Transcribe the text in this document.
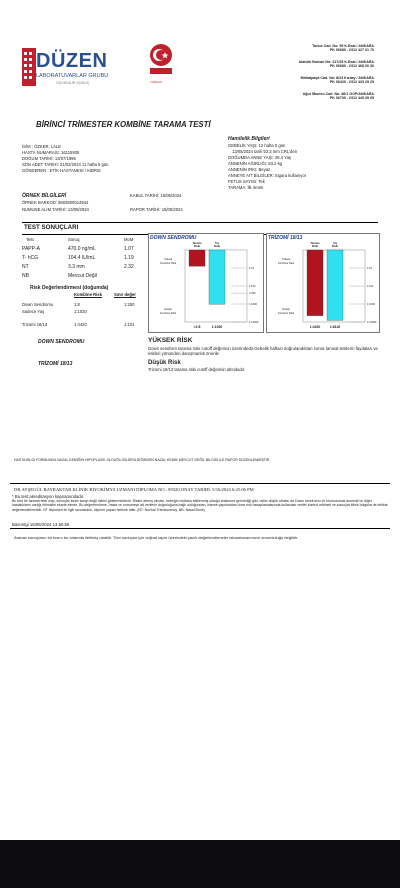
DÜZEN
LABORATUVARLAR GRUBU
GÜVENİLİR SONUÇ	TÜRKAK
Tunus Cad. No: 95 K.Esat / ANKARA
PK 06680 - 0312 427 01 70
Atatürk Bulvarı No: 227/29 K.Esat / ANKARA
PK 06680 - 0312 468 00 30
Mithatpaşa Cad. No: 8/23 Kızılay / ANKARA
PK 06420 - 0312 433 29 25
Uğur Mumcu Cad. No: 86/1 GOP/ANKARA
PK 06700 - 0312 445 39 05
BİRİNCİ TRİMESTER KOMBİNE TARAMA TESTİ
İSİM : ÖZKER, LALE
HASTA NUMARASI: 16115935
DOĞUM TARİHİ: 13/07/1995
SON ADET TARİHİ: 21/02/2024 11 hafta 5 gün
GÖNDEREN : ETİK HASTANESİ / KIBRIS
Hamilelik Bilgileri
GEBELİK YAŞI: 12 hafta 0 gün
13/05/2024 tarih 53.3 mm CRL'den
DOĞUMDA ANNE YAŞI: 29.4 Yaş
ANNENİN AĞIRLIĞI: 83.2 kg
ANNENİN IRKI: Beyaz
ANNEYE AİT BİLGİLER: Sigara kullanıyor
FETUS SAYISI: Tek
TARAMA: İlk örnek
ÖRNEK BİLGİLERİ
ÖRNEK BARKOD: 6803600014944
NUMUNE ALIM TARİHİ: 13/05/2024
KABUL TARİHİ: 15/05/2024
RAPOR TARİHİ: 15/05/2024
TEST SONUÇLARI
Test	Sonuç	MoM
PAPP-A	470.0 ng/mL	1.07
T- hCG	104.4 IU/mL	1.19
NT	3.3 mm	2.32
NB	Mevcut Değil
Risk Değerlendirmesi (doğumda)
Kombine Risk	Sınır değer
Down Sendromu	1:8	1:250
Sadece Yaş	1:1030
Trizomi 18/13	1:4420	1:101
Yüksek
Kombine Risk
Düşük
Kombine Risk
1:10
1:100
1:250
1:1000
1:10000
Tarama
Riski
>1:8
Yaş
Riski
1:1030
DOWN SENDROMU
Yüksek
Kombine Risk
Düşük
Kombine Risk
1:10
1:101
1:1000
1:10000
Tarama
Riski
1:4420
Yaş
Riski
1:8116
TRİZOMİ 18/13
DOWN SENDROMU	YÜKSEK RİSK
Down sendrom tarama riski cutoff değerinin üzerindedir.Gebelik haftası doğrulandıktan sonra tanısal testlerin faydaları ve riskleri yönünden danışmanlık önerilir.
TRİZOMİ 18/13	Düşük Risk
Trizomi 18/13 tarama riski cutoff değerinin altındadır.
HASTA BİLGİ FORMUNDA NAZAL KEMİĞİN HİPOPLAZİK OLDUĞU BİLDİRİLDİĞİNDEN NAZAL KEMİK MEVCUT DEĞİL BİLGİSİ İLE RAPOR DÜZENLENMİŞTİR.
DR.AYŞEGÜL BAYRAKTAR KLİNİK BİYOKİMYA UZMANI DİPLOMA NO : 89320 ONAY TARİHİ: 5/16/2024 6:25:06 PM
* Bu test akreditasyon kapsamındadır.
Bu test bir tarama testi olup, sonuçlar kesin tanıyı değil riskini göstermektedir. Riskin artmış olması, bebeğin mutlaka etkilenmiş olduğu anlamına gelmediği gibi, riskin düşük olması da Down sendromu ve kromozomal anomali ve diğer hastalıkların varlığı ihtimalini ekarte etmez. Bu değerlendirme, hasta ve numuneye ait verilerin doğruluğuna bağlı olduğundan, isteme yapılmadan önce risk hesaplamalarında kullanılan veriler kontrol edilmeli ve sonuçlar klinik bulgular ile birlikte değerlendirilmelidir. NT ölçümleri ile ilgili sorumluluk, ölçümü yapan hekime aittir. (NT: Nuchal Translucency, NB: Nasal Bone)
Basımtgi 15/05/2024 13.50.56
Aranan sonuçların bir kısmı bu ortamda iletilmiş olabilir. Tüm sonuçlar için orijinal rapor üzerindeki yazılı değerlendirmeler laboratuvarımızın sorumluluğu değildir.
